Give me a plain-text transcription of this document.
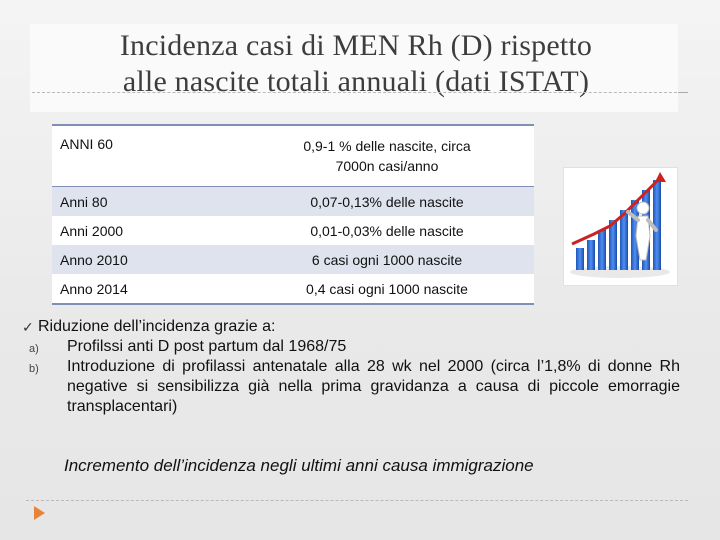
Incidenza casi di MEN Rh (D) rispetto
alle nascite totali annuali (dati ISTAT)
ANNI 60	0,9-1 % delle nascite, circa
7000n casi/anno

Anni 80	0,07-0,13% delle nascite
Anni 2000	0,01-0,03% delle nascite
Anno 2010	6 casi ogni 1000 nascite
Anno 2014	0,4 casi ogni 1000 nascite
✓ Riduzione dell’incidenza grazie a:
a) Profilssi anti D post partum dal 1968/75
b) Introduzione di profilassi antenatale alla 28 wk nel 2000 (circa l’1,8% di donne Rh negative si sensibilizza già nella prima gravidanza a causa di piccole emorragie transplacentari)
Incremento dell’incidenza negli ultimi anni causa immigrazione
